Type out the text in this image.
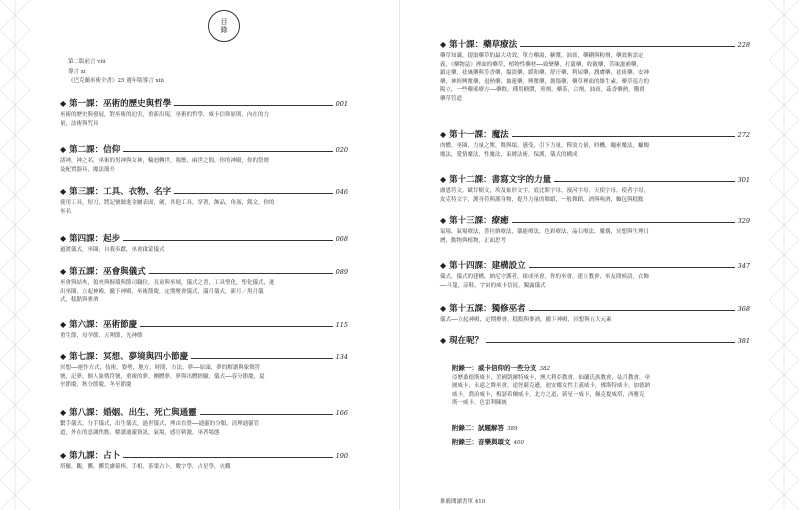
目
錄
第二版前言 viii
導言 xi
《巴克蘭巫術全書》25 週年版導言 xiii
◆ 第一課：巫術的歷史與哲學	001
巫術的歷史與發展，對巫術的迫害，重新出現，巫術的哲學，威卡信仰原則，內在的力
量，法術與咒具
◆ 第二課：信仰	020
諸神，神之名，巫術的男神與女神，輪迴轉世，報應，兩世之間，你的神殿，你的祭壇
及配置器具，魔法簡介
◆ 第三課：工具、衣物、名字	046
使用工具，短刀，將記號做進金屬表面，劍，其他工具，穿著，飾品，角盔，銘文，你的
巫名
◆ 第四課：起步	068
過渡儀式，巫圈，自我奉獻，巫會啟蒙儀式
◆ 第五課：巫會與儀式	089
巫會與結夾，領夾與握環與節司職位，長童與巫域，儀式之書，工具聖化，聖化儀式，進
出巫圈，立起神殿，撤下神殿，巫術節慶，定期聚會儀式，滿月儀式，新月／黑月儀
式，糕點與麥酒
◆ 第六課：巫術節慶	115
重生節，母孕節，五朔節，光神節
◆ 第七課：冥想、夢境與四小節慶	134
冥想──運作方式，技術，姿勢，地方，時間，方法，夢──原頭，夢的解讀與象徵符
號，記夢，個人象徵符號，重複的夢，團體夢，夢與出體經驗，儀式──春分節慶，夏
至節慶，秋分節慶，冬至節慶
◆ 第八課：婚姻、出生、死亡與通靈	166
繫手儀式，分手儀式，出生儀式，過世儀式，理由直覺──通靈的分類，清理通靈管
道，外在的意識焦點，解讀通靈資訊，氣場，感官刺激，巫者場態
◆ 第九課：占卜	190
塔羅，觀，擲，擲荒盧箍棒，手相，茶葉占卜，數字學，占星學，火觀
◆ 第十課：藥草療法	228
藥草知識，提取藥草的最大功效，單方藥湯，糖漿，油膏，藥糊與粉劑，藥效術語定
義，《藥物誌》裡面的藥草，植物性藥材──致變藥，打囂藥，收斂藥，苦味滋補藥，
鎮定藥，祛風藥與芳香藥，傷淡藥，緩和藥，舒汗藥，利尿藥，潤膚藥，祛痰藥，安神
藥，神經興奮藥，退熱藥，抽蓮藥，興奮藥，創傷藥，藥草裡面的維生素，藥草巡方的
陽立，一些藥邪療方──藥飲，種用糖漿，煎劑，藥茶，合劑，油膏，茲香藥熱，購賣
藥草管道
◆ 第十一課：魔法	272
肉體，巫圈，力量之塵，舞與頌，感受，引下力量，釋放力量，時機，繩索魔法，蠟燭
魔法，愛情魔法，性魔法，束縛法術，保護，儀式的構成
◆ 第十二課：書寫文字的力量	301
盧恩符文，歐甘樹文，埃及象形文字，底比斯字母，漫河字母，天使字母，使者字母，
皮克特文字，護身符與護身物，提升力量的舞蹈，一般舞蹈，酒與嗅酒，麵包與糕點
◆ 第十三課：療癒	329
氣場，氣場療法，普拉納療法，儀能療法，色彩療法，晶石療法，魔偶，冥想與生理日
曆，動物與植物，正面思考
◆ 第十四課：建構設立	347
儀式，儀式的建構，納尼守護者，組成巫會，你的巫會，建立教會，巫友間候語，衣飾
──斗篷，涼鞋，宇宙的威卡信徒，獨露儀式
◆ 第十五課：獨修巫者	368
儀式──立起神殿，定期聚會，糕點與麥酒，撤下神殿，冥想與五大元素
◆ 現在呢？	381
附錄一：威卡信仰的一些分支 382
亞歷桑德斯威卡，美國凱爾特威卡，澳大利亞教會，仙蘭氏族教會，弦月教會，巫
圖威卡，永遠之舞巫會，途徑薩克遜，迪安娜女性主義威卡，佛斯特威卡，加德納
威卡，喬治威卡，梅瑟希爾威卡，北方之道，新星一威卡，佩克提威塔，西雅克
斯一威卡，色雷利陳統
附錄二：試題解答 389
附錄三：音樂與頌文 400
推薦閱讀書單 410
